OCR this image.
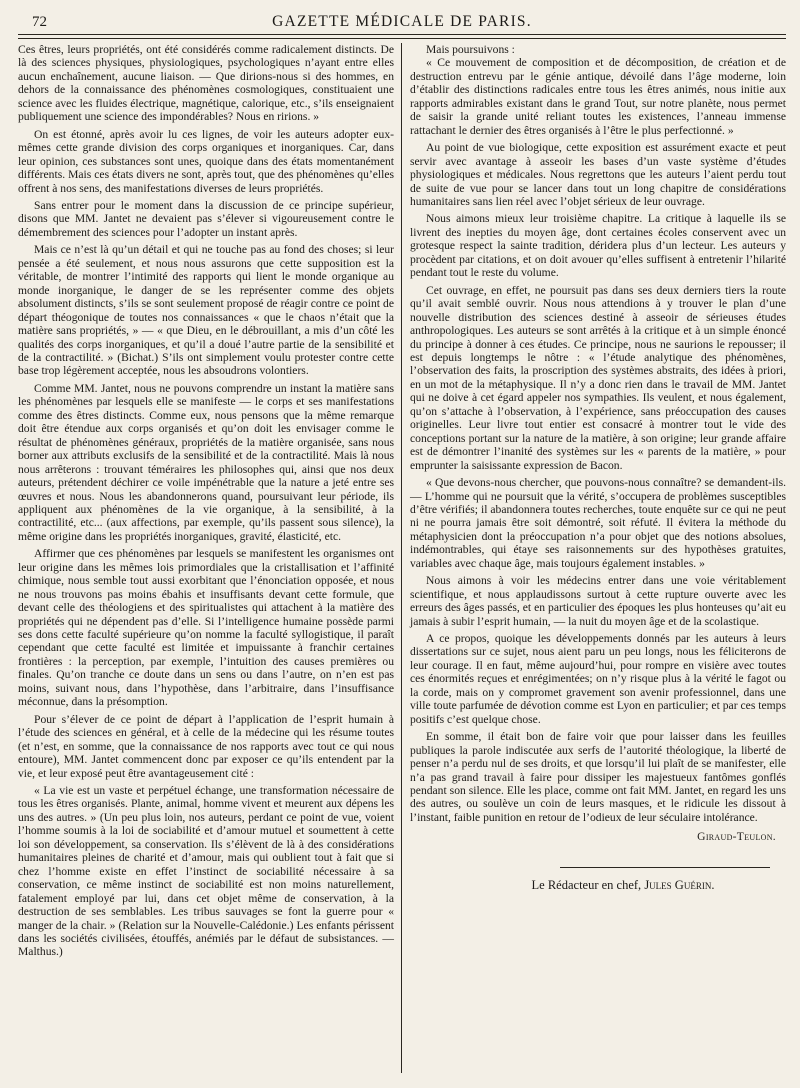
72	GAZETTE MÉDICALE DE PARIS.

Ces êtres, leurs propriétés, ont été considérés comme radicalement distincts. De là des sciences physiques, physiologiques, psychologiques n’ayant entre elles aucun enchaînement, aucune liaison. — Que dirions-nous si des hommes, en dehors de la connaissance des phénomènes cosmologiques, constituaient une science avec les fluides électrique, magnétique, calorique, etc., s’ils enseignaient publiquement une science des impondérables? Nous en ririons. »

On est étonné, après avoir lu ces lignes, de voir les auteurs adopter eux-mêmes cette grande division des corps organiques et inorganiques. Car, dans leur opinion, ces substances sont unes, quoique dans des états momentanément différents. Mais ces états divers ne sont, après tout, que des phénomènes qu’elles offrent à nos sens, des manifestations diverses de leurs propriétés.

Sans entrer pour le moment dans la discussion de ce principe supérieur, disons que MM. Jantet ne devaient pas s’élever si vigoureusement contre le démembrement des sciences pour l’adopter un instant après.

Mais ce n’est là qu’un détail et qui ne touche pas au fond des choses; si leur pensée a été seulement, et nous nous assurons que cette supposition est la véritable, de montrer l’intimité des rapports qui lient le monde organique au monde inorganique, le danger de se les représenter comme des objets absolument distincts, s’ils se sont seulement proposé de réagir contre ce point de départ théogonique de toutes nos connaissances « que le chaos n’était que la matière sans propriétés, » — « que Dieu, en le débrouillant, a mis d’un côté les qualités des corps inorganiques, et qu’il a doué l’autre partie de la sensibilité et de la contractilité. » (Bichat.) S’ils ont simplement voulu protester contre cette base trop légèrement acceptée, nous les absoudrons volontiers.

Comme MM. Jantet, nous ne pouvons comprendre un instant la matière sans les phénomènes par lesquels elle se manifeste — le corps et ses manifestations comme des êtres distincts. Comme eux, nous pensons que la même remarque doit être étendue aux corps organisés et qu’on doit les envisager comme le résultat de phénomènes généraux, propriétés de la matière organisée, sans nous borner aux attributs exclusifs de la sensibilité et de la contractilité. Mais là nous nous arrêterons : trouvant téméraires les philosophes qui, ainsi que nos deux auteurs, prétendent déchirer ce voile impénétrable que la nature a jeté entre ses œuvres et nous. Nous les abandonnerons quand, poursuivant leur période, ils appliquent aux phénomènes de la vie organique, à la sensibilité, à la contractilité, etc... (aux affections, par exemple, qu’ils passent sous silence), la même origine dans les propriétés inorganiques, gravité, élasticité, etc.

Affirmer que ces phénomènes par lesquels se manifestent les organismes ont leur origine dans les mêmes lois primordiales que la cristallisation et l’affinité chimique, nous semble tout aussi exorbitant que l’énonciation opposée, et nous ne nous trouvons pas moins ébahis et insuffisants devant cette formule, que devant celle des théologiens et des spiritualistes qui attachent à la matière des propriétés qui ne dépendent pas d’elle. Si l’intelligence humaine possède parmi ses dons cette faculté supérieure qu’on nomme la faculté syllogistique, il paraît cependant que cette faculté est limitée et impuissante à franchir certaines frontières : la perception, par exemple, l’intuition des causes premières ou finales. Qu’on tranche ce doute dans un sens ou dans l’autre, on n’en est pas moins, suivant nous, dans l’hypothèse, dans l’arbitraire, dans l’insuffisance méconnue, dans la présomption.

Pour s’élever de ce point de départ à l’application de l’esprit humain à l’étude des sciences en général, et à celle de la médecine qui les résume toutes (et n’est, en somme, que la connaissance de nos rapports avec tout ce qui nous entoure), MM. Jantet commencent donc par exposer ce qu’ils entendent par la vie, et leur exposé peut être avantageusement cité :

« La vie est un vaste et perpétuel échange, une transformation nécessaire de tous les êtres organisés. Plante, animal, homme vivent et meurent aux dépens les uns des autres. » (Un peu plus loin, nos auteurs, perdant ce point de vue, voient l’homme soumis à la loi de sociabilité et d’amour mutuel et soumettent à cette loi son développement, sa conservation. Ils s’élèvent de là à des considérations humanitaires pleines de charité et d’amour, mais qui oublient tout à fait que si chez l’homme existe en effet l’instinct de sociabilité nécessaire à sa conservation, ce même instinct de sociabilité est non moins naturellement, fatalement employé par lui, dans cet objet même de conservation, à la destruction de ses semblables. Les tribus sauvages se font la guerre pour « manger de la chair. » (Relation sur la Nouvelle-Calédonie.) Les enfants périssent dans les sociétés civilisées, étouffés, anémiés par le défaut de subsistances. — Malthus.)

Mais poursuivons :

« Ce mouvement de composition et de décomposition, de création et de destruction entrevu par le génie antique, dévoilé dans l’âge moderne, loin d’établir des distinctions radicales entre tous les êtres animés, nous initie aux rapports admirables existant dans le grand Tout, sur notre planète, nous permet de saisir la grande unité reliant toutes les existences, l’anneau immense rattachant le dernier des êtres organisés à l’être le plus perfectionné. »

Au point de vue biologique, cette exposition est assurément exacte et peut servir avec avantage à asseoir les bases d’un vaste système d’études physiologiques et médicales. Nous regrettons que les auteurs l’aient perdu tout de suite de vue pour se lancer dans tout un long chapitre de considérations humanitaires sans lien réel avec l’objet sérieux de leur ouvrage.

Nous aimons mieux leur troisième chapitre. La critique à laquelle ils se livrent des inepties du moyen âge, dont certaines écoles conservent avec un grotesque respect la sainte tradition, déridera plus d’un lecteur. Les auteurs y procèdent par citations, et on doit avouer qu’elles suffisent à entretenir l’hilarité pendant tout le reste du volume.

Cet ouvrage, en effet, ne poursuit pas dans ses deux derniers tiers la route qu’il avait semblé ouvrir. Nous nous attendions à y trouver le plan d’une nouvelle distribution des sciences destiné à asseoir de sérieuses études anthropologiques. Les auteurs se sont arrêtés à la critique et à un simple énoncé du principe à donner à ces études. Ce principe, nous ne saurions le repousser; il est depuis longtemps le nôtre : « l’étude analytique des phénomènes, l’observation des faits, la proscription des systèmes abstraits, des idées à priori, en un mot de la métaphysique. Il n’y a donc rien dans le travail de MM. Jantet qui ne doive à cet égard appeler nos sympathies. Ils veulent, et nous également, qu’on s’attache à l’observation, à l’expérience, sans préoccupation des causes originelles. Leur livre tout entier est consacré à montrer tout le vide des conceptions portant sur la nature de la matière, à son origine; leur grande affaire est de démontrer l’inanité des systèmes sur les « parents de la matière, » pour emprunter la saisissante expression de Bacon.

« Que devons-nous chercher, que pouvons-nous connaître? se demandent-ils. — L’homme qui ne poursuit que la vérité, s’occupera de problèmes susceptibles d’être vérifiés; il abandonnera toutes recherches, toute enquête sur ce qui ne peut ni ne pourra jamais être soit démontré, soit réfuté. Il évitera la méthode du métaphysicien dont la préoccupation n’a pour objet que des notions absolues, indémontrables, qui étaye ses raisonnements sur des hypothèses gratuites, variables avec chaque âge, mais toujours également instables. »

Nous aimons à voir les médecins entrer dans une voie véritablement scientifique, et nous applaudissons surtout à cette rupture ouverte avec les erreurs des âges passés, et en particulier des époques les plus honteuses qu’ait eu jamais à subir l’esprit humain, — la nuit du moyen âge et de la scolastique.

A ce propos, quoique les développements donnés par les auteurs à leurs dissertations sur ce sujet, nous aient paru un peu longs, nous les féliciterons de leur courage. Il en faut, même aujourd’hui, pour rompre en visière avec toutes ces énormités reçues et enrégimentées; on n’y risque plus à la vérité le fagot ou la corde, mais on y compromet gravement son avenir professionnel, dans une ville toute parfumée de dévotion comme est Lyon en particulier; et par ces temps positifs c’est quelque chose.

En somme, il était bon de faire voir que pour laisser dans les feuilles publiques la parole indiscutée aux serfs de l’autorité théologique, la liberté de penser n’a perdu nul de ses droits, et que lorsqu’il lui plaît de se manifester, elle n’a pas grand travail à faire pour dissiper les majestueux fantômes gonflés pendant son silence. Elle les place, comme ont fait MM. Jantet, en regard les uns des autres, ou soulève un coin de leurs masques, et le ridicule les dissout à l’instant, faible punition en retour de l’odieux de leur séculaire intolérance.

Giraud-Teulon.
Le Rédacteur en chef, Jules Guérin.
